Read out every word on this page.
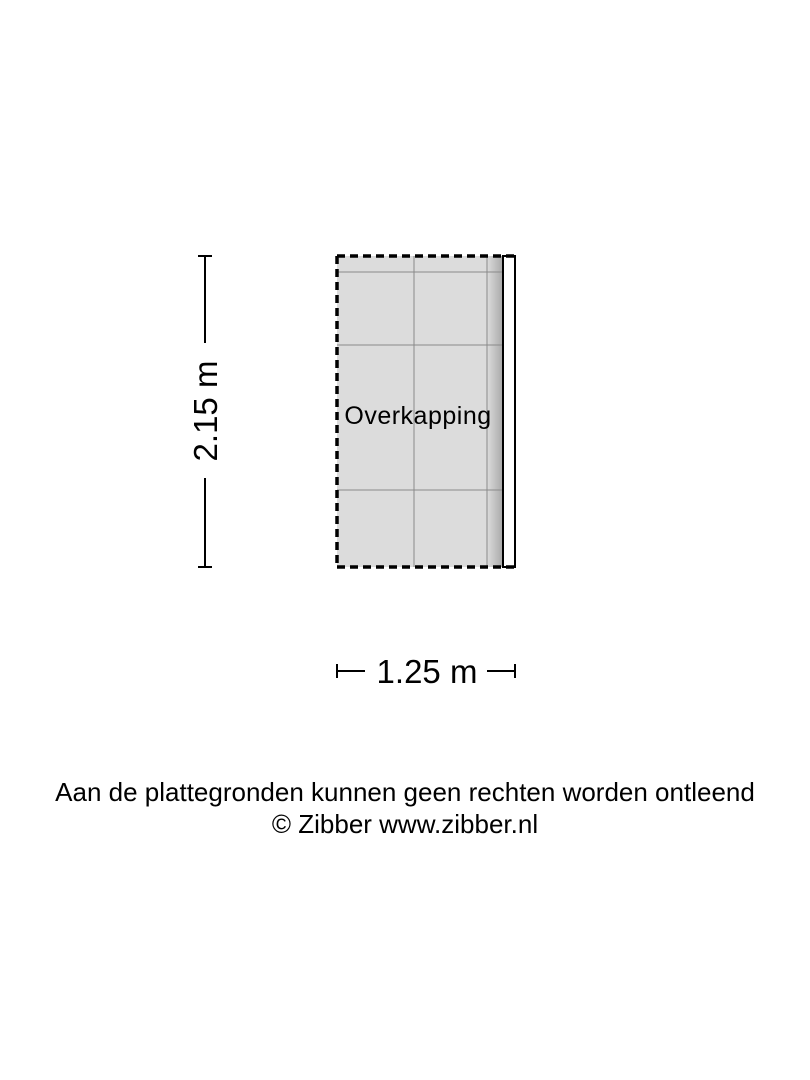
Overkapping
2.15 m
1.25 m
Aan de plattegronden kunnen geen rechten worden ontleend
© Zibber www.zibber.nl
